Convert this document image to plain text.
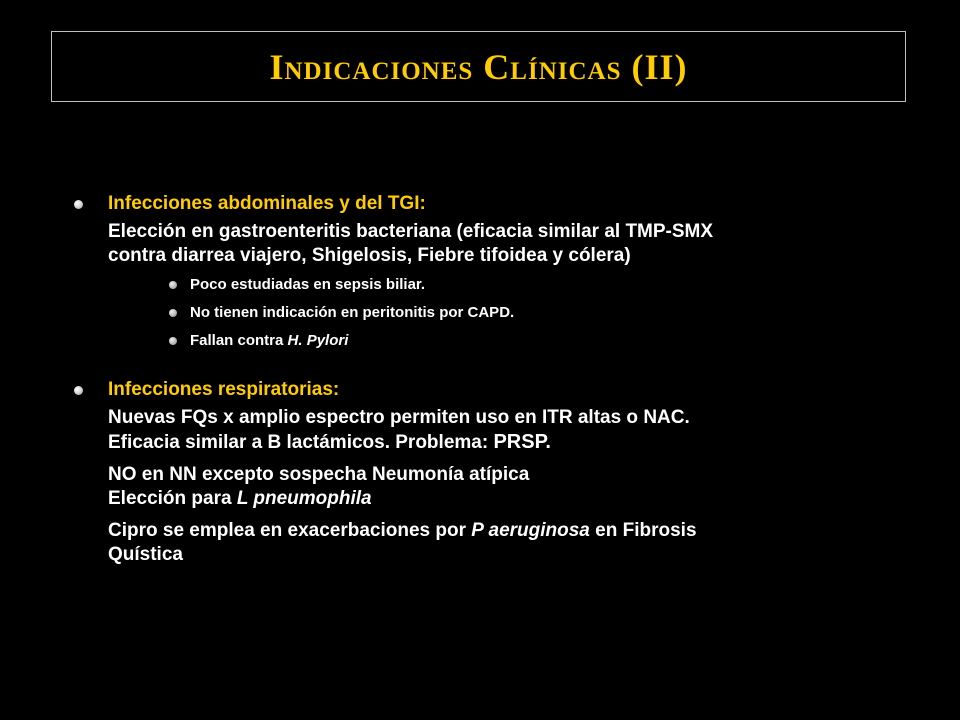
Indicaciones Clínicas (II)
Infecciones abdominales y del TGI:
Elección en gastroenteritis bacteriana (eficacia similar al TMP-SMX
contra diarrea viajero, Shigelosis, Fiebre tifoidea y cólera)
Poco estudiadas en sepsis biliar.
No tienen indicación en peritonitis por CAPD.
Fallan contra H. Pylori
Infecciones respiratorias:
Nuevas FQs x amplio espectro permiten uso en ITR altas o NAC.
Eficacia similar a B lactámicos. Problema: PRSP.
NO en NN excepto sospecha Neumonía atípica
Elección para L pneumophila
Cipro se emplea en exacerbaciones por P aeruginosa en Fibrosis
Quística
